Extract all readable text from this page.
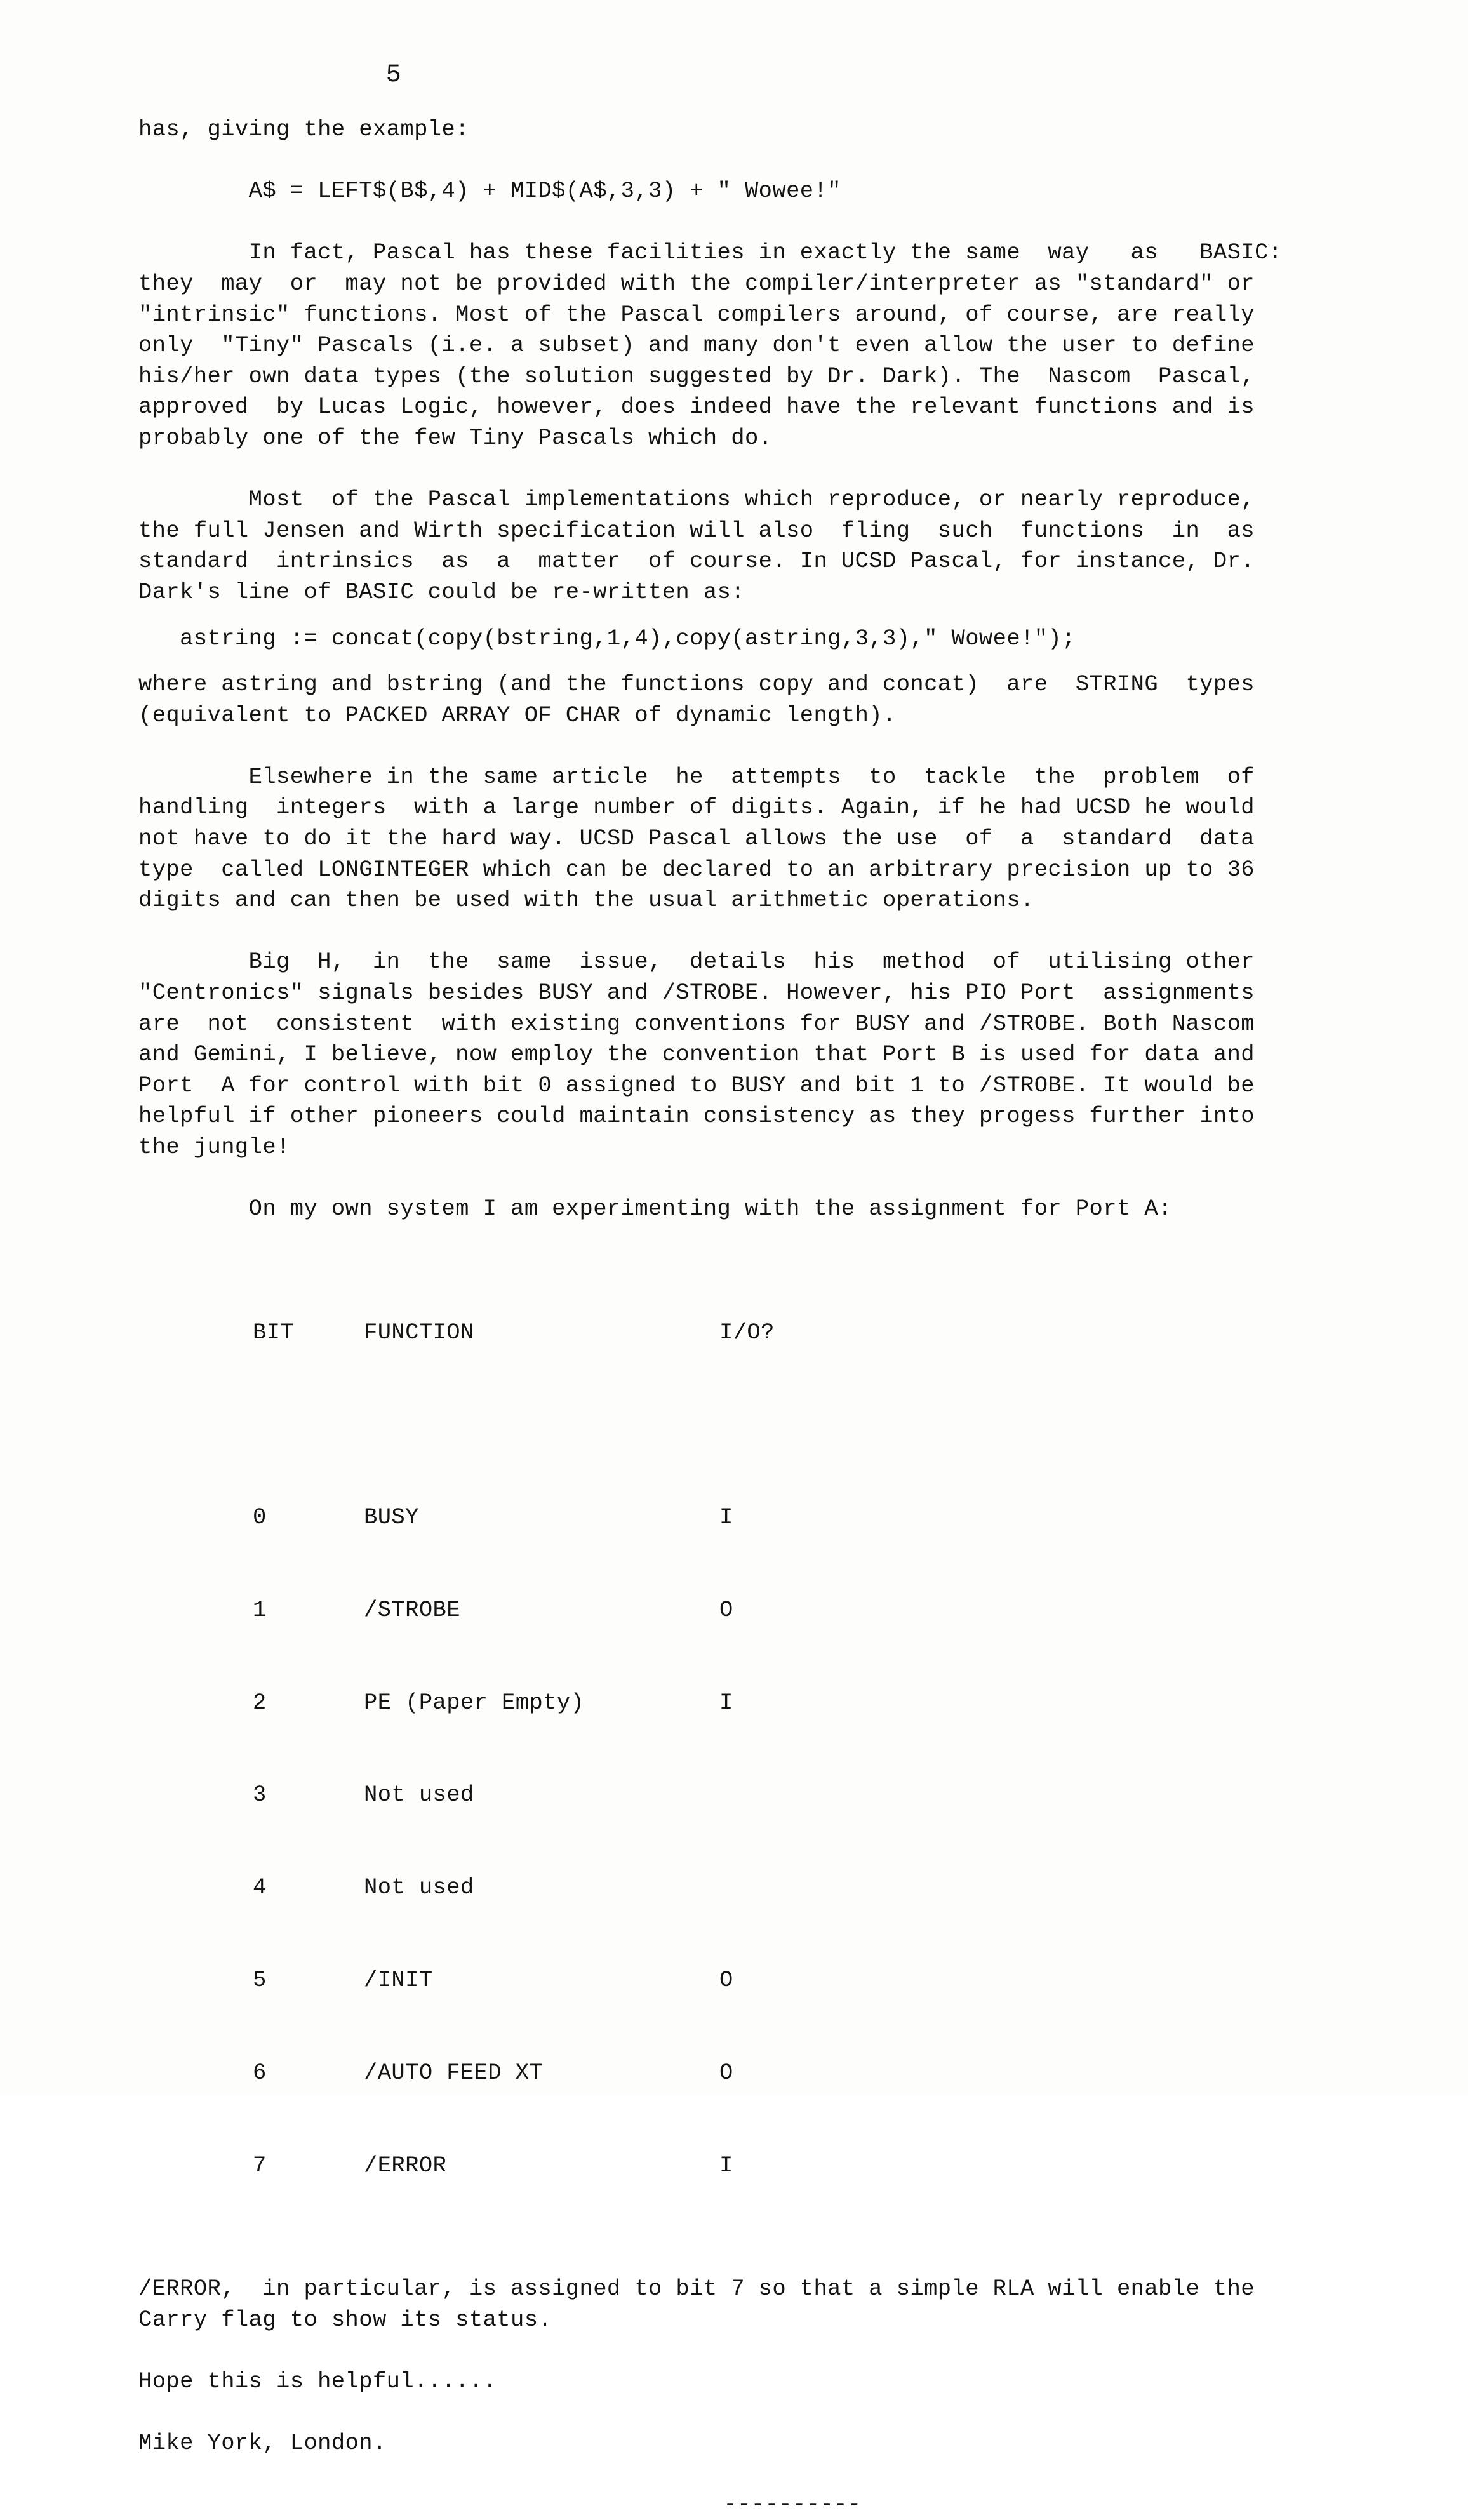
5
has, giving the example:
A$ = LEFT$(B$,4) + MID$(A$,3,3) + " Wowee!"
In fact, Pascal has these facilities in exactly the same  way   as   BASIC:
they  may  or  may not be provided with the compiler/interpreter as "standard" or
"intrinsic" functions. Most of the Pascal compilers around, of course, are really
only  "Tiny" Pascals (i.e. a subset) and many don't even allow the user to define
his/her own data types (the solution suggested by Dr. Dark). The  Nascom  Pascal,
approved  by Lucas Logic, however, does indeed have the relevant functions and is
probably one of the few Tiny Pascals which do.
Most  of the Pascal implementations which reproduce, or nearly reproduce,
the full Jensen and Wirth specification will also  fling  such  functions  in  as
standard  intrinsics  as  a  matter  of course. In UCSD Pascal, for instance, Dr.
Dark's line of BASIC could be re-written as:
astring := concat(copy(bstring,1,4),copy(astring,3,3)," Wowee!");
where astring and bstring (and the functions copy and concat)  are  STRING  types
(equivalent to PACKED ARRAY OF CHAR of dynamic length).
Elsewhere in the same article  he  attempts  to  tackle  the  problem  of
handling  integers  with a large number of digits. Again, if he had UCSD he would
not have to do it the hard way. UCSD Pascal allows the use  of  a  standard  data
type  called LONGINTEGER which can be declared to an arbitrary precision up to 36
digits and can then be used with the usual arithmetic operations.
Big  H,  in  the  same  issue,  details  his  method  of  utilising other
"Centronics" signals besides BUSY and /STROBE. However, his PIO Port  assignments
are  not  consistent  with existing conventions for BUSY and /STROBE. Both Nascom
and Gemini, I believe, now employ the convention that Port B is used for data and
Port  A for control with bit 0 assigned to BUSY and bit 1 to /STROBE. It would be
helpful if other pioneers could maintain consistency as they progess further into
the jungle!
On my own system I am experimenting with the assignment for Port A:

BIT	FUNCTION	I/O?

0	BUSY	I

1	/STROBE	O

2	PE (Paper Empty)	I

3	Not used

4	Not used

5	/INIT	O

6	/AUTO FEED XT	O

7	/ERROR	I

/ERROR,  in particular, is assigned to bit 7 so that a simple RLA will enable the
Carry flag to show its status.
Hope this is helpful......
Mike York, London.
----------
